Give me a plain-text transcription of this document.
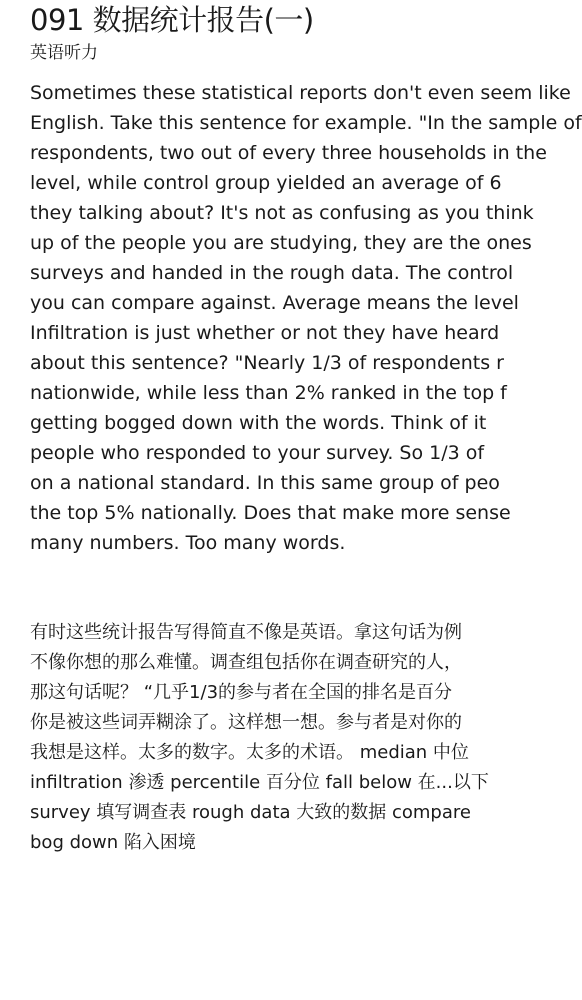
091 数据统计报告(一)
英语听力
Sometimes these statistical reports don't even seem like
English. Take this sentence for example. "In the sample of
respondents, two out of every three households in the
level, while control group yielded an average of 6
they talking about? It's not as confusing as you think
up of the people you are studying, they are the ones
surveys and handed in the rough data. The control
you can compare against. Average means the level
Infiltration is just whether or not they have heard
about this sentence? "Nearly 1/3 of respondents r
nationwide, while less than 2% ranked in the top f
getting bogged down with the words. Think of it
people who responded to your survey. So 1/3 of
on a national standard. In this same group of peo
the top 5% nationally. Does that make more sense
many numbers. Too many words.
有时这些统计报告写得简直不像是英语。拿这句话为例
不像你想的那么难懂。调查组包括你在调查研究的人，
那这句话呢？ “几乎1/3的参与者在全国的排名是百分
你是被这些词弄糊涂了。这样想一想。参与者是对你的
我想是这样。太多的数字。太多的术语。 median 中位
infiltration 渗透 percentile 百分位 fall below 在...以下
survey 填写调查表 rough data 大致的数据 compare
bog down 陷入困境
